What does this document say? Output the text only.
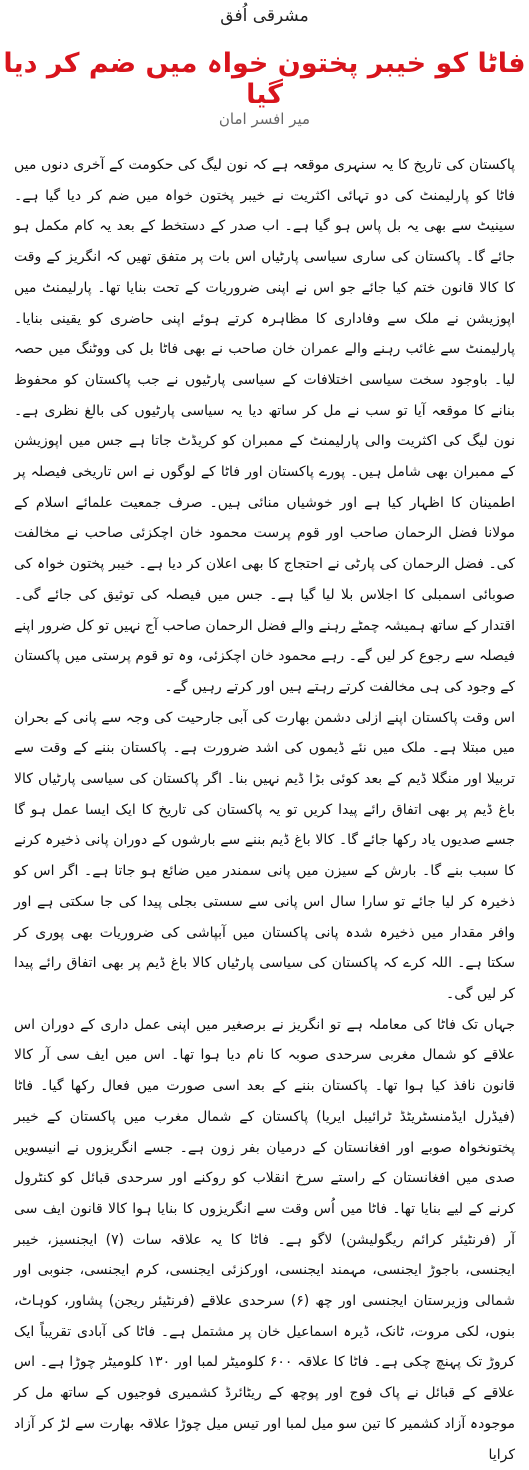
مشرقی اُفق
فاٹا کو خیبر پختون خواہ میں ضم کر دیا گیا
میر افسر امان

پاکستان کی تاریخ کا یہ سنہری موقعہ ہے کہ نون لیگ کی حکومت کے آخری دنوں میں فاٹا کو پارلیمنٹ کی دو تہائی اکثریت نے خیبر پختون خواہ میں ضم کر دیا گیا ہے۔ سینیٹ سے بھی یہ بل پاس ہو گیا ہے۔ اب صدر کے دستخط کے بعد یہ کام مکمل ہو جائے گا۔ پاکستان کی ساری سیاسی پارٹیاں اس بات پر متفق تھیں کہ انگریز کے وقت کا کالا قانون ختم کیا جائے جو اس نے اپنی ضروریات کے تحت بنایا تھا۔ پارلیمنٹ میں اپوزیشن نے ملک سے وفاداری کا مظاہرہ کرتے ہوئے اپنی حاضری کو یقینی بنایا۔ پارلیمنٹ سے غائب رہنے والے عمران خان صاحب نے بھی فاٹا بل کی ووٹنگ میں حصہ لیا۔ باوجود سخت سیاسی اختلافات کے سیاسی پارٹیوں نے جب پاکستان کو محفوظ بنانے کا موقعہ آیا تو سب نے مل کر ساتھ دیا یہ سیاسی پارٹیوں کی بالغ نظری ہے۔ نون لیگ کی اکثریت والی پارلیمنٹ کے ممبران کو کریڈٹ جاتا ہے جس میں اپوزیشن کے ممبران بھی شامل ہیں۔ پورے پاکستان اور فاٹا کے لوگوں نے اس تاریخی فیصلہ پر اطمینان کا اظہار کیا ہے اور خوشیاں منائی ہیں۔ صرف جمعیت علمائے اسلام کے مولانا فضل الرحمان صاحب اور قوم پرست محمود خان اچکزئی صاحب نے مخالفت کی۔ فضل الرحمان کی پارٹی نے احتجاج کا بھی اعلان کر دیا ہے۔ خیبر پختون خواہ کی صوبائی اسمبلی کا اجلاس بلا لیا گیا ہے۔ جس میں فیصلہ کی توثیق کی جائے گی۔ اقتدار کے ساتھ ہمیشہ چمٹے رہنے والے فضل الرحمان صاحب آج نہیں تو کل ضرور اپنے فیصلہ سے رجوع کر لیں گے۔ رہے محمود خان اچکزئی، وہ تو قوم پرستی میں پاکستان کے وجود کی ہی مخالفت کرتے رہتے ہیں اور کرتے رہیں گے۔

اس وقت پاکستان اپنے ازلی دشمن بھارت کی آبی جارحیت کی وجہ سے پانی کے بحران میں مبتلا ہے۔ ملک میں نئے ڈیموں کی اشد ضرورت ہے۔ پاکستان بننے کے وقت سے تربیلا اور منگلا ڈیم کے بعد کوئی بڑا ڈیم نہیں بنا۔ اگر پاکستان کی سیاسی پارٹیاں کالا باغ ڈیم پر بھی اتفاق رائے پیدا کریں تو یہ پاکستان کی تاریخ کا ایک ایسا عمل ہو گا جسے صدیوں یاد رکھا جائے گا۔ کالا باغ ڈیم بننے سے بارشوں کے دوران پانی ذخیرہ کرنے کا سبب بنے گا۔ بارش کے سیزن میں پانی سمندر میں ضائع ہو جاتا ہے۔ اگر اس کو ذخیرہ کر لیا جائے تو سارا سال اس پانی سے سستی بجلی پیدا کی جا سکتی ہے اور وافر مقدار میں ذخیرہ شدہ پانی پاکستان میں آبپاشی کی ضروریات بھی پوری کر سکتا ہے۔ اللہ کرے کہ پاکستان کی سیاسی پارٹیاں کالا باغ ڈیم پر بھی اتفاق رائے پیدا کر لیں گی۔

جہاں تک فاٹا کی معاملہ ہے تو انگریز نے برصغیر میں اپنی عمل داری کے دوران اس علاقے کو شمال مغربی سرحدی صوبہ کا نام دیا ہوا تھا۔ اس میں ایف سی آر کالا قانون نافذ کیا ہوا تھا۔ پاکستان بننے کے بعد اسی صورت میں فعال رکھا گیا۔ فاٹا (فیڈرل ایڈمنسٹریٹڈ ٹرائیبل ایریا) پاکستان کے شمال مغرب میں پاکستان کے خیبر پختونخواہ صوبے اور افغانستان کے درمیان بفر زون ہے۔ جسے انگریزوں نے انیسویں صدی میں افغانستان کے راستے سرخ انقلاب کو روکنے اور سرحدی قبائل کو کنٹرول کرنے کے لیے بنایا تھا۔ فاٹا میں اُس وقت سے انگریزوں کا بنایا ہوا کالا قانون ایف سی آر (فرنٹیئر کرائم ریگولیشن) لاگو ہے۔ فاٹا کا یہ علاقہ سات (۷) ایجنسیز، خیبر ایجنسی، باجوڑ ایجنسی، مہمند ایجنسی، اورکزئی ایجنسی، کرم ایجنسی، جنوبی اور شمالی وزیرستان ایجنسی اور چھ (۶) سرحدی علاقے (فرنٹیئر ریجن) پشاور، کوہاٹ، بنوں، لکی مروت، ٹانک، ڈیرہ اسماعیل خان پر مشتمل ہے۔ فاٹا کی آبادی تقریباً ایک کروڑ تک پہنچ چکی ہے۔ فاٹا کا علاقہ ۶۰۰ کلومیٹر لمبا اور ۱۳۰ کلومیٹر چوڑا ہے۔ اس علاقے کے قبائل نے پاک فوج اور پوچھ کے ریٹائرڈ کشمیری فوجیوں کے ساتھ مل کر موجودہ آزاد کشمیر کا تین سو میل لمبا اور تیس میل چوڑا علاقہ بھارت سے لڑ کر آزاد کرایا
